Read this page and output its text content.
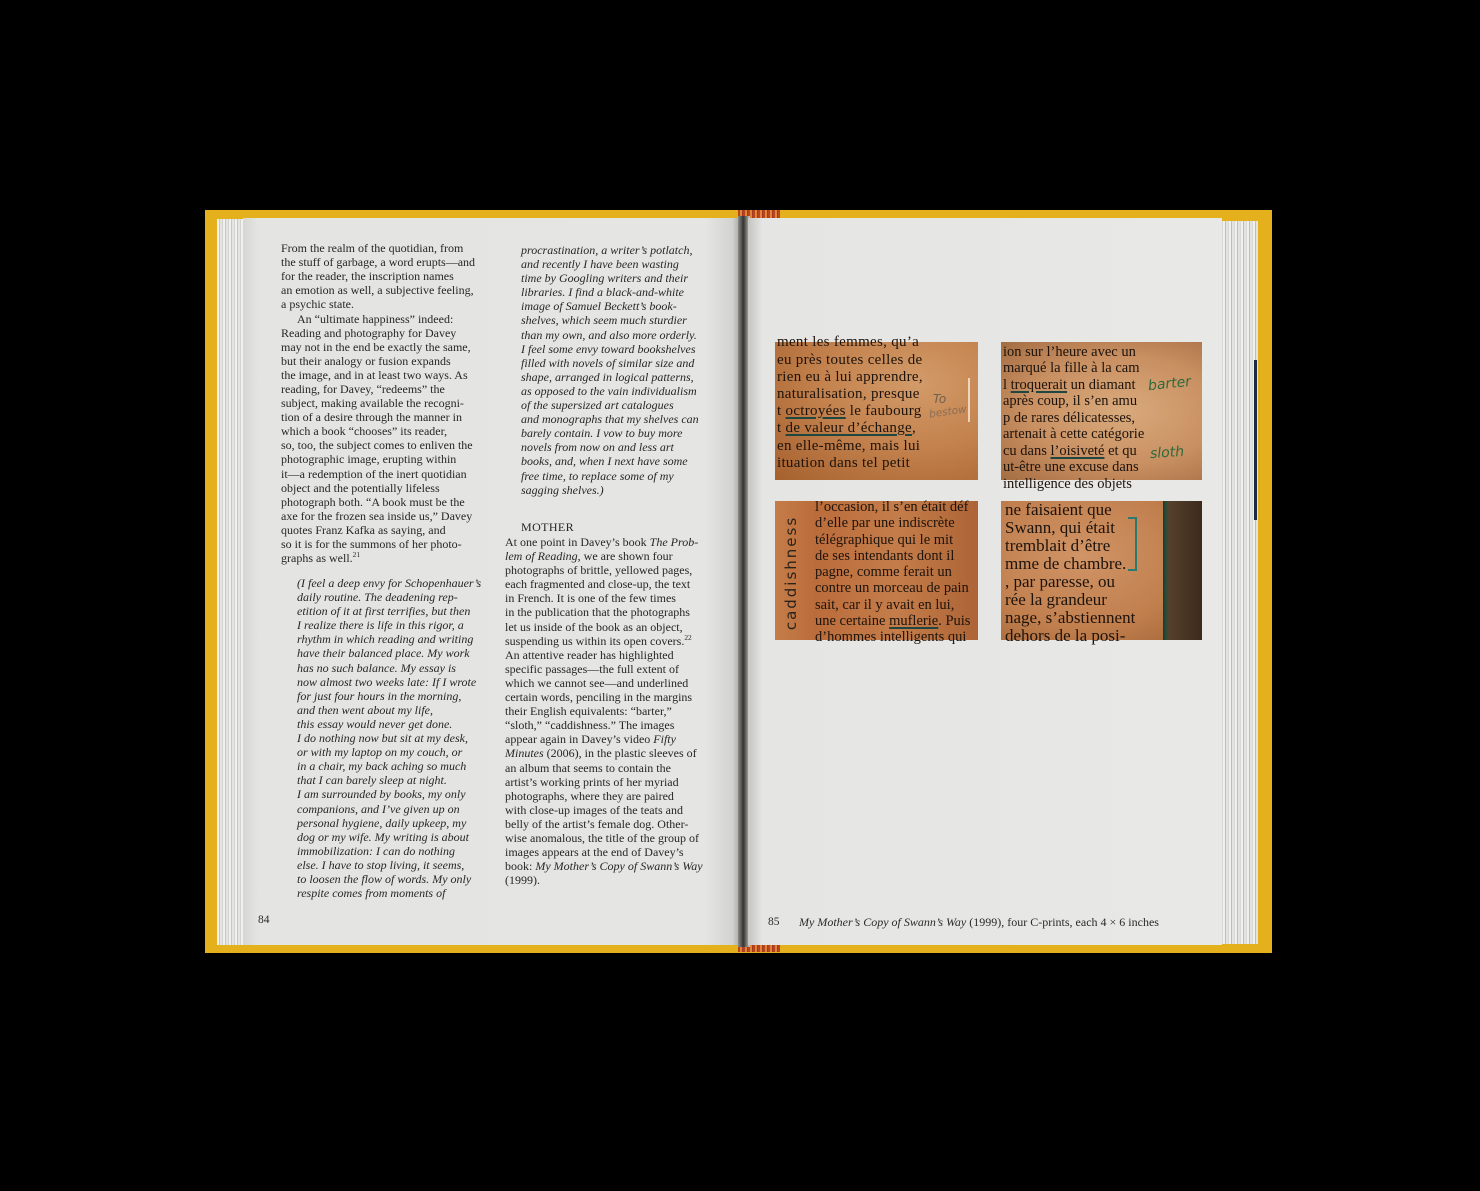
From the realm of the quotidian, from
the stuff of garbage, a word erupts—and
for the reader, the inscription names
an emotion as well, a subjective feeling,
a psychic state.
An “ultimate happiness” indeed:
Reading and photography for Davey
may not in the end be exactly the same,
but their analogy or fusion expands
the image, and in at least two ways. As
reading, for Davey, “redeems” the
subject, making available the recogni-
tion of a desire through the manner in
which a book “chooses” its reader,
so, too, the subject comes to enliven the
photographic image, erupting within
it—a redemption of the inert quotidian
object and the potentially lifeless
photograph both. “A book must be the
axe for the frozen sea inside us,” Davey
quotes Franz Kafka as saying, and
so it is for the summons of her photo-
graphs as well.$^{21}$
(I feel a deep envy for Schopenhauer’s
daily routine. The deadening rep-
etition of it at first terrifies, but then
I realize there is life in this rigor, a
rhythm in which reading and writing
have their balanced place. My work
has no such balance. My essay is
now almost two weeks late: If I wrote
for just four hours in the morning,
and then went about my life,
this essay would never get done.
I do nothing now but sit at my desk,
or with my laptop on my couch, or
in a chair, my back aching so much
that I can barely sleep at night.
I am surrounded by books, my only
companions, and I’ve given up on
personal hygiene, daily upkeep, my
dog or my wife. My writing is about
immobilization: I can do nothing
else. I have to stop living, it seems,
to loosen the flow of words. My only
respite comes from moments of
procrastination, a writer’s potlatch,
and recently I have been wasting
time by Googling writers and their
libraries. I find a black-and-white
image of Samuel Beckett’s book-
shelves, which seem much sturdier
than my own, and also more orderly.
I feel some envy toward bookshelves
filled with novels of similar size and
shape, arranged in logical patterns,
as opposed to the vain individualism
of the supersized art catalogues
and monographs that my shelves can
barely contain. I vow to buy more
novels from now on and less art
books, and, when I next have some
free time, to replace some of my
sagging shelves.)
MOTHER
At one point in Davey’s book The Prob-
lem of Reading, we are shown four
photographs of brittle, yellowed pages,
each fragmented and close-up, the text
in French. It is one of the few times
in the publication that the photographs
let us inside of the book as an object,
suspending us within its open covers.$^{22}$
An attentive reader has highlighted
specific passages—the full extent of
which we cannot see—and underlined
certain words, penciling in the margins
their English equivalents: “barter,”
“sloth,” “caddishness.” The images
appear again in Davey’s video Fifty
Minutes (2006), in the plastic sleeves of
an album that seems to contain the
artist’s working prints of her myriad
photographs, where they are paired
with close-up images of the teats and
belly of the artist’s female dog. Other-
wise anomalous, the title of the group of
images appears at the end of Davey’s
book: My Mother’s Copy of Swann’s Way
(1999).
84
ment les femmes, qu’a
eu près toutes celles de
rien eu à lui apprendre,
naturalisation, presque
t octroyées le faubourg
t de valeur d’échange,
en elle-même, mais lui
ituation dans tel petit
To
bestow
ion sur l’heure avec un
marqué la fille à la cam
l troquerait un diamant
après coup, il s’en amu
p de rares délicatesses,
artenait à cette catégorie
cu dans l’oisiveté et qu
ut-être une excuse dans
intelligence des objets
barter
sloth
l’occasion, il s’en était déf
d’elle par une indiscrète
télégraphique qui le mit
de ses intendants dont il
pagne, comme ferait un
contre un morceau de pain
sait, car il y avait en lui,
une certaine muflerie. Puis
d’hommes intelligents qui
caddishness
ne faisaient que
Swann, qui était
tremblait d’être
mme de chambre.
, par paresse, ou
rée la grandeur
nage, s’abstiennent
dehors de la posi-
85 My Mother’s Copy of Swann’s Way (1999), four C-prints, each 4 × 6 inches
